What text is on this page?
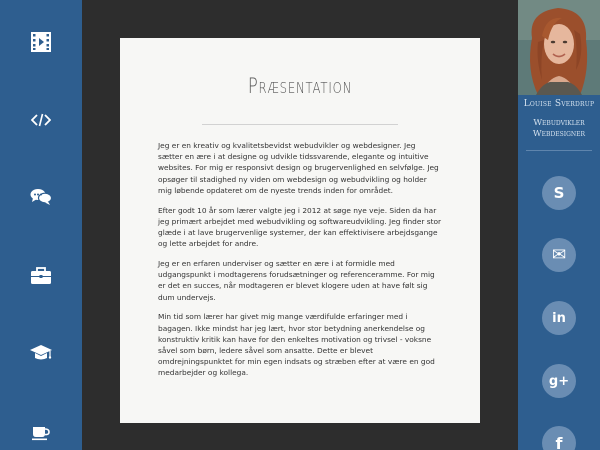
Præsentation

Jeg er en kreativ og kvalitetsbevidst webudvikler og webdesigner. Jeg sætter en ære i at designe og udvikle tidssvarende, elegante og intuitive websites. For mig er responsivt design og brugervenlighed en selvfølge. Jeg opsøger til stadighed ny viden om webdesign og webudvikling og holder mig løbende opdateret om de nyeste trends inden for området.

Efter godt 10 år som lærer valgte jeg i 2012 at søge nye veje. Siden da har jeg primært arbejdet med webudvikling og softwareudvikling. Jeg finder stor glæde i at lave brugervenlige systemer, der kan effektivisere arbejdsgange og lette arbejdet for andre.

Jeg er en erfaren underviser og sætter en ære i at formidle med udgangspunkt i modtagerens forudsætninger og referenceramme. For mig er det en succes, når modtageren er blevet klogere uden at have følt sig dum undervejs.

Min tid som lærer har givet mig mange værdifulde erfaringer med i bagagen. Ikke mindst har jeg lært, hvor stor betydning anerkendelse og konstruktiv kritik kan have for den enkeltes motivation og trivsel - voksne såvel som børn, ledere såvel som ansatte. Dette er blevet omdrejningspunktet for min egen indsats og stræben efter at være en god medarbejder og kollega.

Louise Sverdrup
Webudvikler
Webdesigner
S
✉
in
g+
f
